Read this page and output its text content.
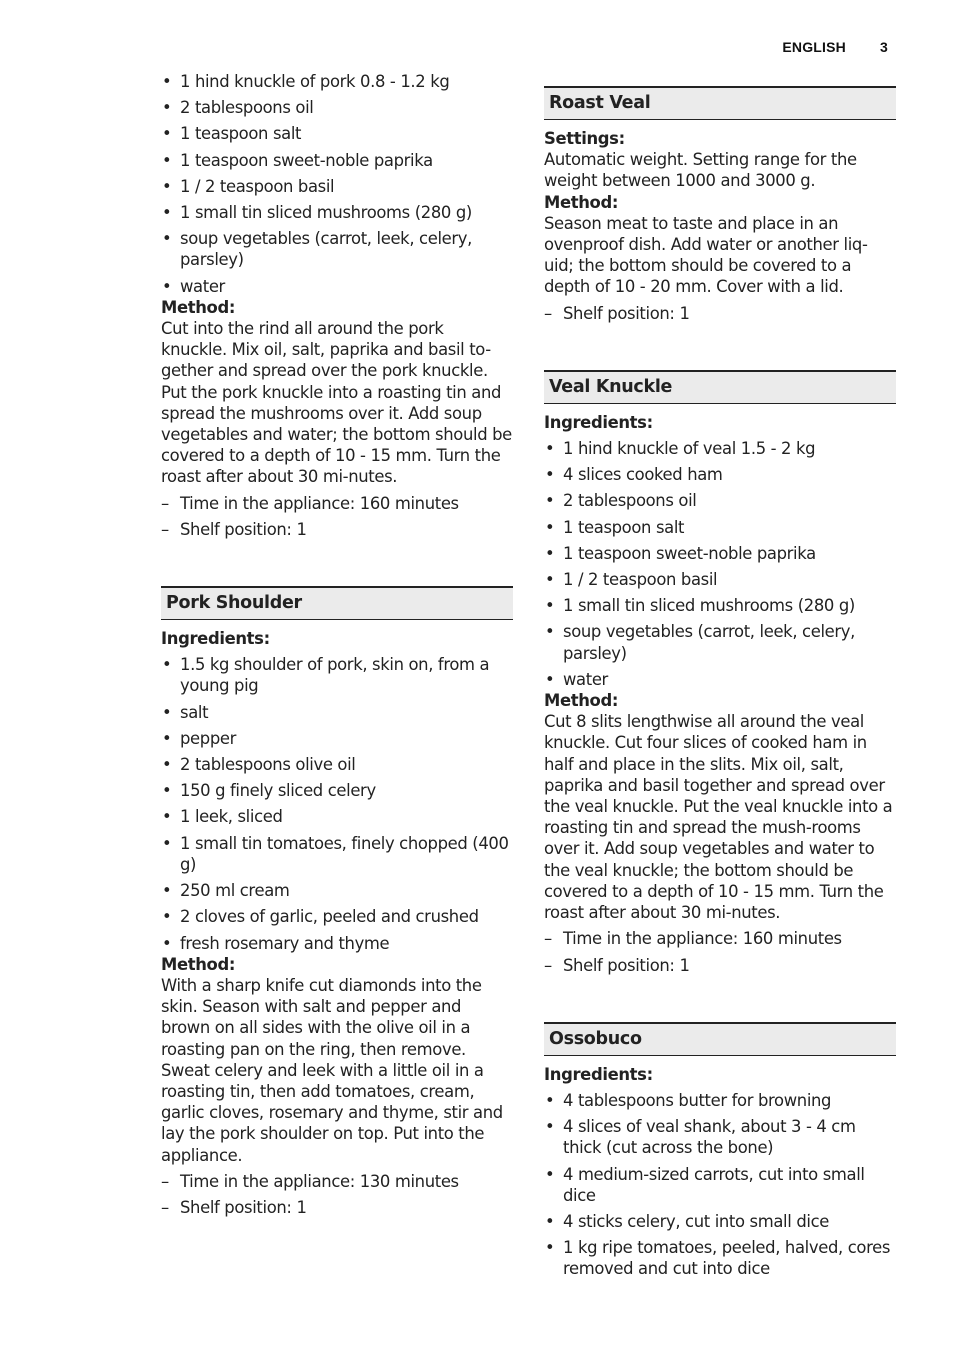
ENGLISH 3
• 1 hind knuckle of pork 0.8 - 1.2 kg
• 2 tablespoons oil
• 1 teaspoon salt
• 1 teaspoon sweet-noble paprika
• 1 / 2 teaspoon basil
• 1 small tin sliced mushrooms (280 g)
• soup vegetables (carrot, leek, celery, parsley)
• water
Method:
Cut into the rind all around the pork knuckle. Mix oil, salt, paprika and basil to-gether and spread over the pork knuckle. Put the pork knuckle into a roasting tin and spread the mushrooms over it. Add soup vegetables and water; the bottom should be covered to a depth of 10 - 15 mm. Turn the roast after about 30 mi-nutes.
– Time in the appliance: 160 minutes
– Shelf position: 1
Pork Shoulder
Ingredients:
• 1.5 kg shoulder of pork, skin on, from a young pig
• salt
• pepper
• 2 tablespoons olive oil
• 150 g finely sliced celery
• 1 leek, sliced
• 1 small tin tomatoes, finely chopped (400 g)
• 250 ml cream
• 2 cloves of garlic, peeled and crushed
• fresh rosemary and thyme
Method:
With a sharp knife cut diamonds into the skin. Season with salt and pepper and brown on all sides with the olive oil in a roasting pan on the ring, then remove. Sweat celery and leek with a little oil in a roasting tin, then add tomatoes, cream, garlic cloves, rosemary and thyme, stir and lay the pork shoulder on top. Put into the appliance.
– Time in the appliance: 130 minutes
– Shelf position: 1
Roast Veal
Settings:
Automatic weight. Setting range for the weight between 1000 and 3000 g.
Method:
Season meat to taste and place in an ovenproof dish. Add water or another liq-uid; the bottom should be covered to a depth of 10 - 20 mm. Cover with a lid.
– Shelf position: 1
Veal Knuckle
Ingredients:
• 1 hind knuckle of veal 1.5 - 2 kg
• 4 slices cooked ham
• 2 tablespoons oil
• 1 teaspoon salt
• 1 teaspoon sweet-noble paprika
• 1 / 2 teaspoon basil
• 1 small tin sliced mushrooms (280 g)
• soup vegetables (carrot, leek, celery, parsley)
• water
Method:
Cut 8 slits lengthwise all around the veal knuckle. Cut four slices of cooked ham in half and place in the slits. Mix oil, salt, paprika and basil together and spread over the veal knuckle. Put the veal knuckle into a roasting tin and spread the mush-rooms over it. Add soup vegetables and water to the veal knuckle; the bottom should be covered to a depth of 10 - 15 mm. Turn the roast after about 30 mi-nutes.
– Time in the appliance: 160 minutes
– Shelf position: 1
Ossobuco
Ingredients:
• 4 tablespoons butter for browning
• 4 slices of veal shank, about 3 - 4 cm thick (cut across the bone)
• 4 medium-sized carrots, cut into small dice
• 4 sticks celery, cut into small dice
• 1 kg ripe tomatoes, peeled, halved, cores removed and cut into dice
